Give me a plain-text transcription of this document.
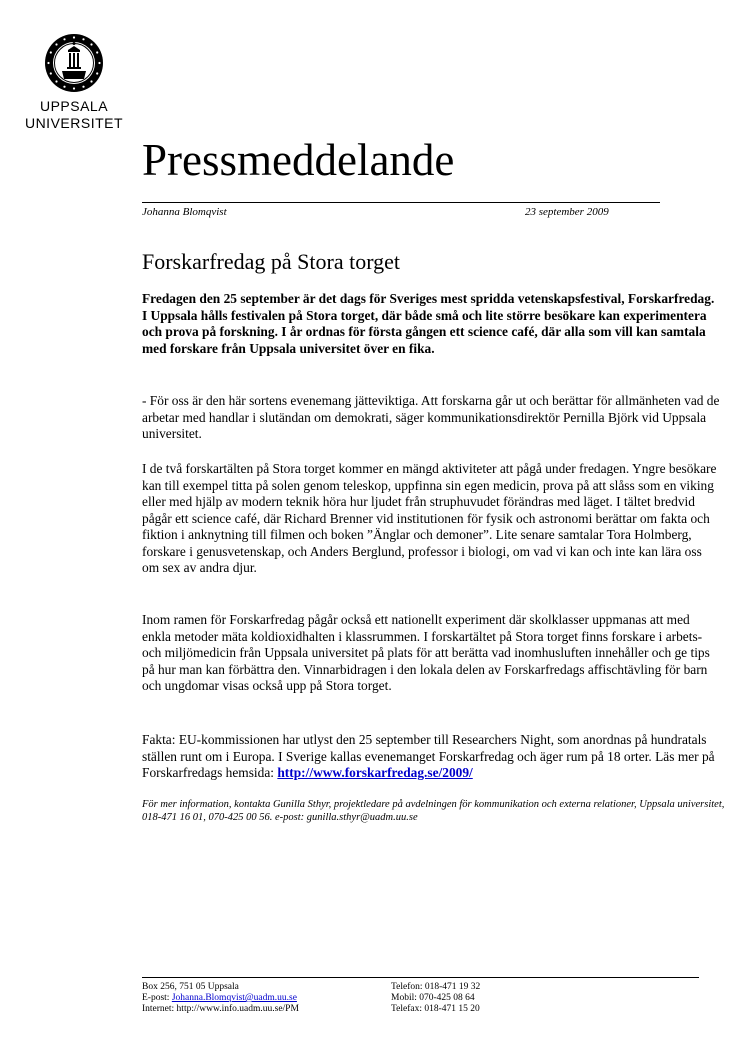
UPPSALA
UNIVERSITET
Pressmeddelande
Johanna Blomqvist	23 september 2009
Forskarfredag på Stora torget

Fredagen den 25 september är det dags för Sveriges mest spridda vetenskapsfestival, Forskarfredag. I Uppsala hålls festivalen på Stora torget, där både små och lite större besökare kan experimentera och prova på forskning. I år ordnas för första gången ett science café, där alla som vill kan samtala med forskare från Uppsala universitet över en fika.

- För oss är den här sortens evenemang jätteviktiga. Att forskarna går ut och berättar för allmänheten vad de arbetar med handlar i slutändan om demokrati, säger kommunikationsdirektör Pernilla Björk vid Uppsala universitet.

I de två forskartälten på Stora torget kommer en mängd aktiviteter att pågå under fredagen. Yngre besökare kan till exempel titta på solen genom teleskop, uppfinna sin egen medicin, prova på att slåss som en viking eller med hjälp av modern teknik höra hur ljudet från struphuvudet förändras med läget. I tältet bredvid pågår ett science café, där Richard Brenner vid institutionen för fysik och astronomi berättar om fakta och fiktion i anknytning till filmen och boken ”Änglar och demoner”. Lite senare samtalar Tora Holmberg, forskare i genusvetenskap, och Anders Berglund, professor i biologi, om vad vi kan och inte kan lära oss om sex av andra djur.

Inom ramen för Forskarfredag pågår också ett nationellt experiment där skolklasser uppmanas att med enkla metoder mäta koldioxidhalten i klassrummen. I forskartältet på Stora torget finns forskare i arbets- och miljömedicin från Uppsala universitet på plats för att berätta vad inomhusluften innehåller och ge tips på hur man kan förbättra den. Vinnarbidragen i den lokala delen av Forskarfredags affischtävling för barn och ungdomar visas också upp på Stora torget.

Fakta: EU-kommissionen har utlyst den 25 september till Researchers Night, som anordnas på hundratals ställen runt om i Europa. I Sverige kallas evenemanget Forskarfredag och äger rum på 18 orter. Läs mer på Forskarfredags hemsida: http://www.forskarfredag.se/2009/

För mer information, kontakta Gunilla Sthyr, projektledare på avdelningen för kommunikation och externa relationer, Uppsala universitet, 018-471 16 01, 070-425 00 56. e-post: gunilla.sthyr@uadm.uu.se

Box 256, 751 05 Uppsala
E-post: Johanna.Blomqvist@uadm.uu.se
Internet: http://www.info.uadm.uu.se/PM
Telefon: 018-471 19 32
Mobil: 070-425 08 64
Telefax: 018-471 15 20
